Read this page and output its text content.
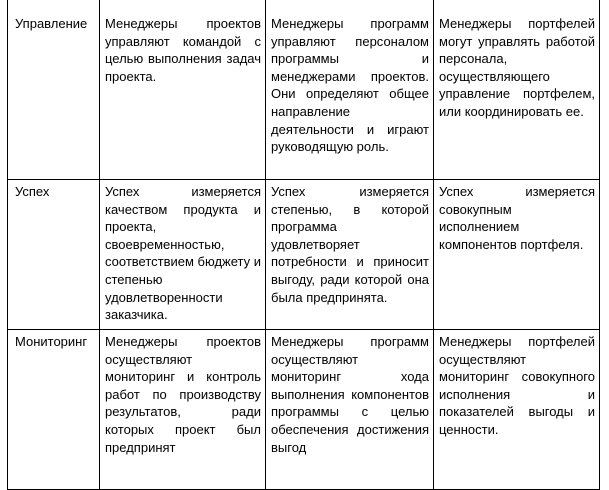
Управление	Менеджеры проектов управляют командой с целью выполнения задач проекта.	Менеджеры программ управляют персоналом программы и менеджерами проектов. Они определяют общее направление деятельности и играют руководящую роль.	Менеджеры портфелей могут управлять работой персонала, осуществляющего управление портфелем, или координировать ее.
Успех	Успех измеряется качеством продукта и проекта, своевременностью, соответствием бюджету и степенью удовлетворенности заказчика.	Успех измеряется степенью, в которой программа удовлетворяет потребности и приносит выгоду, ради которой она была предпринята.	Успех измеряется совокупным исполнением компонентов портфеля.
Мониторинг	Менеджеры проектов осуществляют мониторинг и контроль работ по производству результатов, ради которых проект был предпринят	Менеджеры программ осуществляют мониторинг хода выполнения компонентов программы с целью обеспечения достижения выгод	Менеджеры портфелей осуществляют мониторинг совокупного исполнения и показателей выгоды и ценности.
